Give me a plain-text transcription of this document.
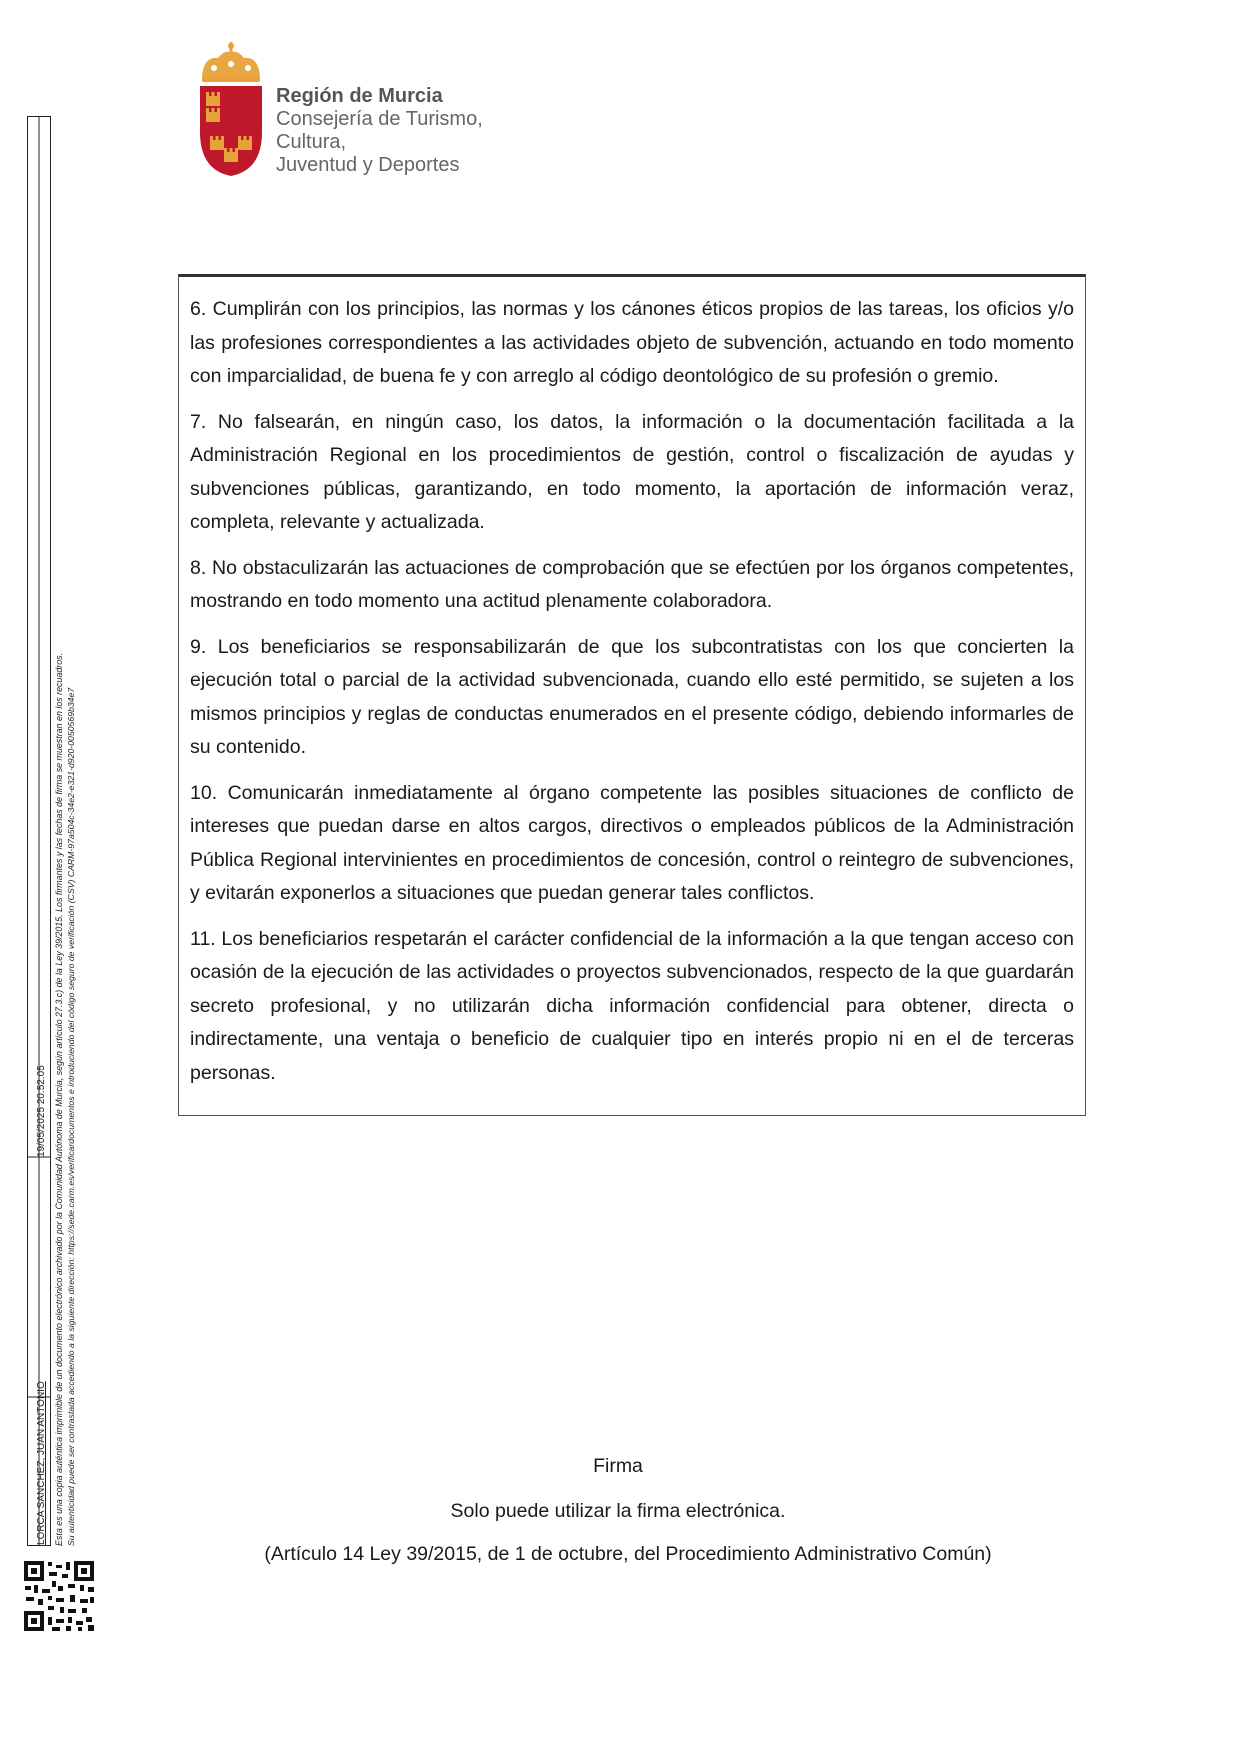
Región de Murcia
Consejería de Turismo, Cultura,
Juventud y Deportes
LORCA SANCHEZ, JUAN ANTONIO
19/05/2025 20:52:05 Esta es una copia auténtica imprimible de un documento electrónico archivado por la Comunidad Autónoma de Murcia, según artículo 27.3.c) de la Ley 39/2015. Los firmantes y las fechas de firma se muestran en los recuadros. Su autenticidad puede ser contrastada accediendo a la siguiente dirección: https://sede.carm.es/verificardocumentos e introduciendo del código seguro de verificación (CSV) CARM-97a504c-34e2-e321-d920-0050569b34e7

6. Cumplirán con los principios, las normas y los cánones éticos propios de las tareas, los oficios y/o las profesiones correspondientes a las actividades objeto de subvención, actuando en todo momento con imparcialidad, de buena fe y con arreglo al código deontológico de su profesión o gremio.

7. No falsearán, en ningún caso, los datos, la información o la documentación facilitada a la Administración Regional en los procedimientos de gestión, control o fiscalización de ayudas y subvenciones públicas, garantizando, en todo momento, la aportación de información veraz, completa, relevante y actualizada.

8. No obstaculizarán las actuaciones de comprobación que se efectúen por los órganos competentes, mostrando en todo momento una actitud plenamente colaboradora.

9. Los beneficiarios se responsabilizarán de que los subcontratistas con los que concierten la ejecución total o parcial de la actividad subvencionada, cuando ello esté permitido, se sujeten a los mismos principios y reglas de conductas enumerados en el presente código, debiendo informarles de su contenido.

10. Comunicarán inmediatamente al órgano competente las posibles situaciones de conflicto de intereses que puedan darse en altos cargos, directivos o empleados públicos de la Administración Pública Regional intervinientes en procedimientos de concesión, control o reintegro de subvenciones, y evitarán exponerlos a situaciones que puedan generar tales conflictos.

11. Los beneficiarios respetarán el carácter confidencial de la información a la que tengan acceso con ocasión de la ejecución de las actividades o proyectos subvencionados, respecto de la que guardarán secreto profesional, y no utilizarán dicha información confidencial para obtener, directa o indirectamente, una ventaja o beneficio de cualquier tipo en interés propio ni en el de terceras personas.

Firma
Solo puede utilizar la firma electrónica.
(Artículo 14 Ley 39/2015, de 1 de octubre, del Procedimiento Administrativo Común)
